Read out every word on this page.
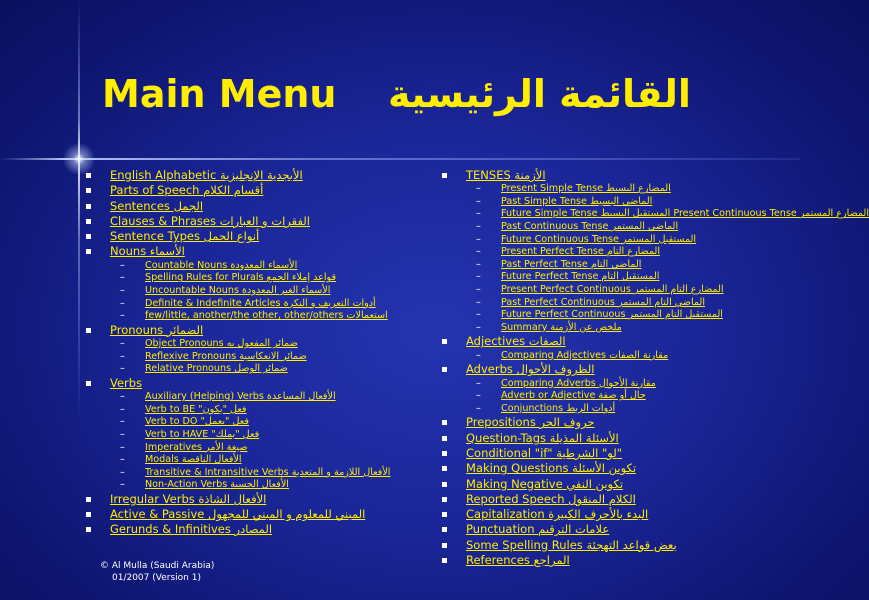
Main Menu القائمة الرئيسية
English Alphabetic الأبجدية الإنجليزية
Parts of Speech أقسام الكلام
Sentences الجمل
Clauses & Phrases الفقرات و العبارات
Sentence Types أنواع الجمل
Nouns الأسماء
– Countable Nouns الأسماء المعدودة
– Spelling Rules for Plurals قواعد إملاء الجمع
– Uncountable Nouns الأسماء الغير المعدودة
– Definite & Indefinite Articles أدوات التعريف و النكرة
– few/little, another/the other, other/others استعمالات
Pronouns الضمائر
– Object Pronouns ضمائر المفعول به
– Reflexive Pronouns ضمائر الانعكاسية
– Relative Pronouns ضمائر الوصل
Verbs
– Auxiliary (Helping) Verbs الأفعال المساعدة
– Verb to BE "فعل "يكون
– Verb to DO "فعل "يعمل
– Verb to HAVE "فعل "يملك
– Imperatives صيغة الأمر
– Modals الأفعال الناقصة
– Transitive & Intransitive Verbs الأفعال اللازمة و المتعدية
– Non-Action Verbs الأفعال الحسية
Irregular Verbs الأفعال الشاذة
Active & Passive المبني للمعلوم و المبني للمجهول
Gerunds & Infinitives المصادر
TENSES الأزمنة
– Present Simple Tense المضارع البسيط
– Past Simple Tense الماضي البسيط
– Future Simple Tense المستقبل البسيط Present Continuous Tense المضارع المستمر
– Past Continuous Tense الماضي المستمر
– Future Continuous Tense المستقبل المستمر
– Present Perfect Tense المضارع التام
– Past Perfect Tense الماضي التام
– Future Perfect Tense المستقبل التام
– Present Perfect Continuous المضارع التام المستمر
– Past Perfect Continuous الماضي التام المستمر
– Future Perfect Continuous المستقبل التام المستمر
– Summary ملخص عن الأزمنة
Adjectives الصفات
– Comparing Adjectives مقارنة الصفات
Adverbs الظروف الأحوال
– Comparing Adverbs مقارنة الأحوال
– Adverb or Adjective حال أو صفة
– Conjunctions أدوات الربط
Prepositions حروف الجر
Question-Tags الأسئلة المذيلة
Conditional "if" لو" الشرطية"
Making Questions تكوين الأسئلة
Making Negative تكوين النفي
Reported Speech الكلام المنقول
Capitalization البدء بالأحرف الكبيرة
Punctuation علامات الترقيم
Some Spelling Rules بعض قواعد التهجئة
References المراجع
© Al Mulla (Saudi Arabia)
01/2007 (Version 1)
